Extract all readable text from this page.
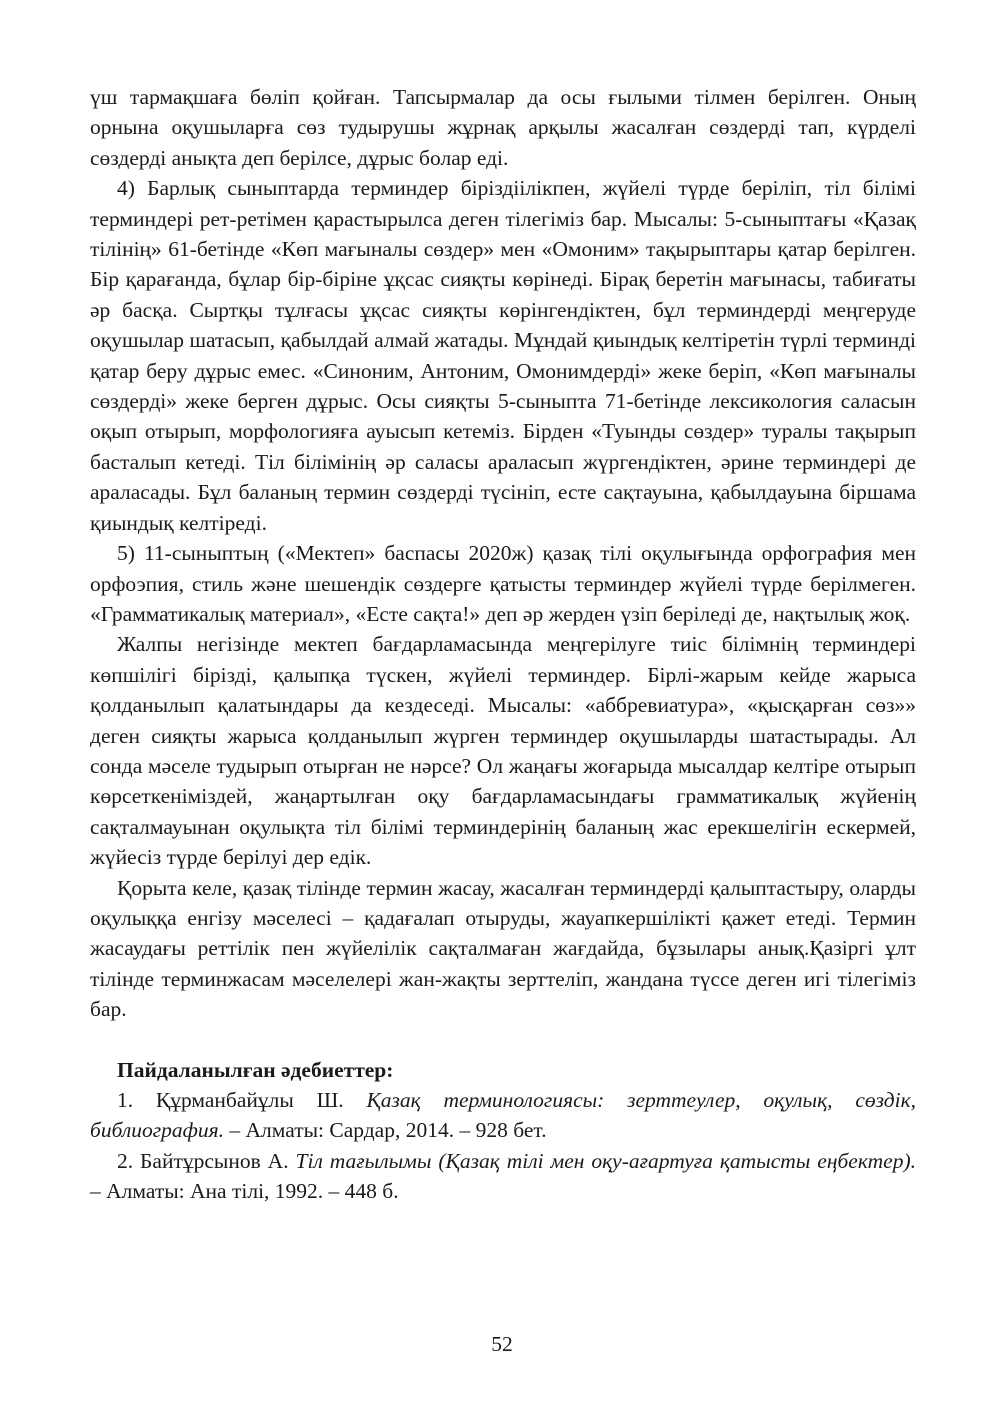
үш тармақшаға бөліп қойған. Тапсырмалар да осы ғылыми тілмен берілген. Оның орнына оқушыларға сөз тудырушы жұрнақ арқылы жасалған сөздерді тап, күрделі сөздерді анықта деп берілсе, дұрыс болар еді.

4) Барлық сыныптарда терминдер біріздіілікпен, жүйелі түрде беріліп, тіл білімі терминдері рет-ретімен қарастырылса деген тілегіміз бар. Мысалы: 5-сыныптағы «Қазақ тілінің» 61-бетінде «Көп мағыналы сөздер» мен «Омоним» тақырыптары қатар берілген. Бір қарағанда, бұлар бір-біріне ұқсас сияқты көрінеді. Бірақ беретін мағынасы, табиғаты әр басқа. Сыртқы тұлғасы ұқсас сияқты көрінгендіктен, бұл терминдерді меңгеруде оқушылар шатасып, қабылдай алмай жатады. Мұндай қиындық келтіретін түрлі терминді қатар беру дұрыс емес. «Синоним, Антоним, Омонимдерді» жеке беріп, «Көп мағыналы сөздерді» жеке берген дұрыс. Осы сияқты 5-сыныпта 71-бетінде лексикология саласын оқып отырып, морфологияға ауысып кетеміз. Бірден «Туынды сөздер» туралы тақырып басталып кетеді. Тіл білімінің әр саласы араласып жүргендіктен, әрине терминдері де араласады. Бұл баланың термин сөздерді түсініп, есте сақтауына, қабылдауына біршама қиындық келтіреді.

5) 11-сыныптың («Мектеп» баспасы 2020ж) қазақ тілі оқулығында орфография мен орфоэпия, стиль және шешендік сөздерге қатысты терминдер жүйелі түрде берілмеген. «Грамматикалық материал», «Есте сақта!» деп әр жерден үзіп беріледі де, нақтылық жоқ.

Жалпы негізінде мектеп бағдарламасында меңгерілуге тиіс білімнің терминдері көпшілігі бірізді, қалыпқа түскен, жүйелі терминдер. Бірлі-жарым кейде жарыса қолданылып қалатындары да кездеседі. Мысалы: «аббревиатура», «қысқарған сөз»» деген сияқты жарыса қолданылып жүрген терминдер оқушыларды шатастырады. Ал сонда мәселе тудырып отырған не нәрсе? Ол жаңағы жоғарыда мысалдар келтіре отырып көрсеткеніміздей, жаңартылған оқу бағдарламасындағы грамматикалық жүйенің сақталмауынан оқулықта тіл білімі терминдерінің баланың жас ерекшелігін ескермей, жүйесіз түрде берілуі дер едік.

Қорыта келе, қазақ тілінде термин жасау, жасалған терминдерді қалыптастыру, оларды оқулыққа енгізу мәселесі – қадағалап отыруды, жауапкершілікті қажет етеді. Термин жасаудағы реттілік пен жүйелілік сақталмаған жағдайда, бұзылары анық.Қазіргі ұлт тілінде терминжасам мәселелері жан-жақты зерттеліп, жандана түссе деген игі тілегіміз бар.

Пайдаланылған әдебиеттер:

1. Құрманбайұлы Ш. Қазақ терминологиясы: зерттеулер, оқулық, сөздік, библиография. – Алматы: Сардар, 2014. – 928 бет.

2. Байтұрсынов А. Тіл тағылымы (Қазақ тілі мен оқу-ағартуға қатысты еңбектер). – Алматы: Ана тілі, 1992. – 448 б.

52
